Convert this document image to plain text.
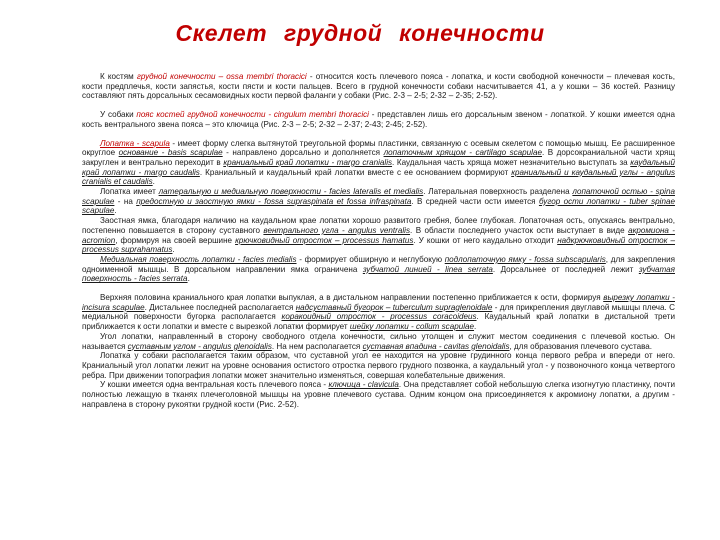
Скелет грудной конечности

К костям грудной конечности – ossa membri thoracici - относится кость плечевого пояса - лопатка, и кости свободной конечности – плечевая кость, кости предплечья, кости запястья, кости пясти и кости пальцев. Всего в грудной конечности собаки насчитывается 41, а у кошки – 36 костей. Разницу составляют пять дорсальных сесамовидных кости первой фаланги у собаки (Рис. 2-3 – 2-5; 2-32 – 2-35; 2-52).

У собаки пояс костей грудной конечности - cingulum membri thoracici - представлен лишь его дорсальным звеном - лопаткой. У кошки имеется одна кость вентрального звена пояса – это ключица (Рис. 2-3 – 2-5; 2-32 – 2-37; 2-43; 2-45; 2-52).

Лопатка - scapula - имеет форму слегка вытянутой треугольной формы пластинки, связанную с осевым скелетом с помощью мышц. Ее расширенное округлое основание - basis scapulae - направлено дорсально и дополняется лопаточным хрящом - cartilago scapulae. В дорсокраниальной части хрящ закруглен и вентрально переходит в краниальный край лопатки - margo cranialis. Каудальная часть хряща может незначительно выступать за каудальный край лопатки - margo caudalis. Краниальный и каудальный край лопатки вместе с ее основанием формируют краниальный и каудальный углы - angulus cranialis et caudalis.

Лопатка имеет латеральную и медиальную поверхности - facies lateralis et medialis. Латеральная поверхность разделена лопаточной остью - spina scapulae - на предостную и заостную ямки - fossa supraspinata et fossa infraspinata. В средней части ости имеется бугор ости лопатки - tuber spinae scapulae.

Заостная ямка, благодаря наличию на каудальном крае лопатки хорошо развитого гребня, более глубокая. Лопаточная ость, опускаясь вентрально, постепенно повышается в сторону суставного вентрального угла - angulus ventralis. В области последнего участок ости выступает в виде акромиона - acromion, формируя на своей вершине крючковидный отросток – processus hamatus. У кошки от него каудально отходит надкрючковидный отросток – processus suprahamatus.

Медиальная поверхность лопатки - facies medialis - формирует обширную и неглубокую подлопаточную ямку - fossa subscapularis, для закрепления одноименной мышцы. В дорсальном направлении ямка ограничена зубчатой линией - linea serrata. Дорсальнее от последней лежит зубчатая поверхность - facies serrata.

Верхняя половина краниального края лопатки выпуклая, а в дистальном направлении постепенно приближается к ости, формируя вырезку лопатки - incisura scapulae. Дистальнее последней располагается надсуставный бугорок – tuberculum supraglenoidale - для прикрепления двуглавой мышцы плеча. С медиальной поверхности бугорка располагается коракоидный отросток - processus coracoideus. Каудальный край лопатки в дистальной трети приближается к ости лопатки и вместе с вырезкой лопатки формирует шейку лопатки - collum scapulae.

Угол лопатки, направленный в сторону свободного отдела конечности, сильно утолщен и служит местом соединения с плечевой костью. Он называется суставным углом - angulus glenoidalis. На нем располагается суставная впадина - cavitas glenoidalis, для образования плечевого сустава.

Лопатка у собаки располагается таким образом, что суставной угол ее находится на уровне грудинного конца первого ребра и впереди от него. Краниальный угол лопатки лежит на уровне основания остистого отростка первого грудного позвонка, а каудальный угол - у позвоночного конца четвертого ребра. При движении топография лопатки может значительно изменяться, совершая колебательные движения.

У кошки имеется одна вентральная кость плечевого пояса - ключица - clavicula. Она представляет собой небольшую слегка изогнутую пластинку, почти полностью лежащую в тканях плечеголовной мышцы на уровне плечевого сустава. Одним концом она присоединяется к акромиону лопатки, а другим - направлена в сторону рукоятки грудной кости (Рис. 2-52).
